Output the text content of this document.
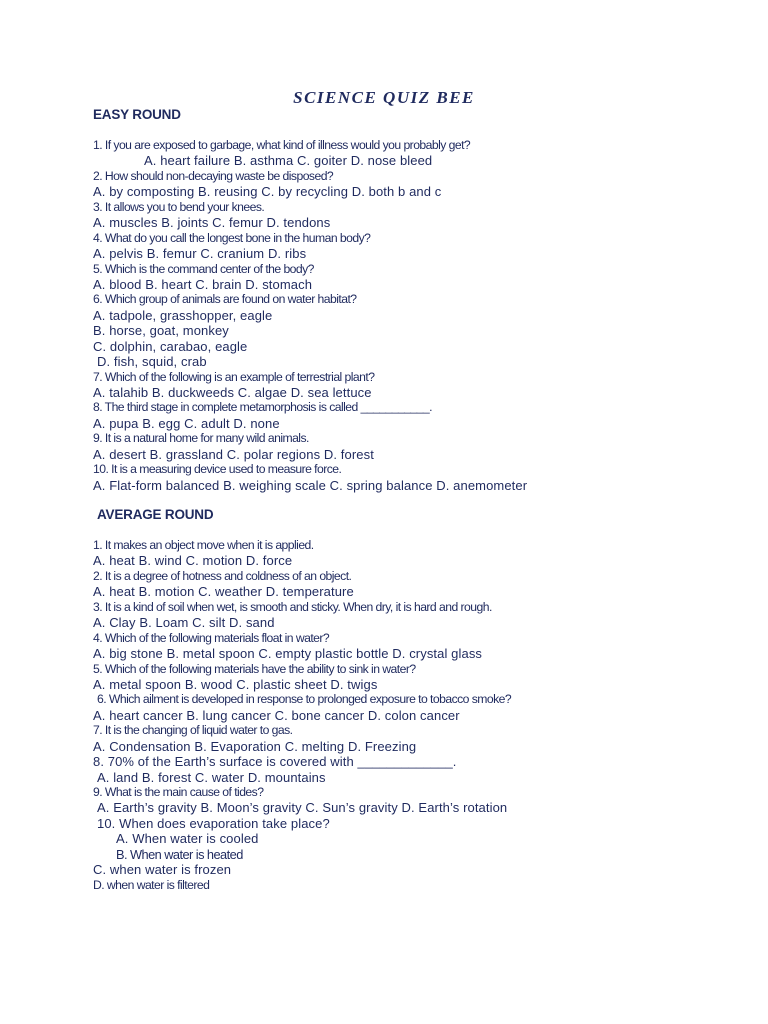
SCIENCE QUIZ BEE
EASY ROUND
1. If you are exposed to garbage, what kind of illness would you probably get?
A. heart failure B. asthma C. goiter D. nose bleed
2. How should non-decaying waste be disposed?
A. by composting B. reusing C. by recycling D. both b and c
3. It allows you to bend your knees.
A. muscles B. joints C. femur D. tendons
4. What do you call the longest bone in the human body?
A. pelvis B. femur C. cranium D. ribs
5. Which is the command center of the body?
A. blood B. heart C. brain D. stomach
6. Which group of animals are found on water habitat?
A. tadpole, grasshopper, eagle
B. horse, goat, monkey
C. dolphin, carabao, eagle
D. fish, squid, crab
7. Which of the following is an example of terrestrial plant?
A. talahib B. duckweeds C. algae D. sea lettuce
8. The third stage in complete metamorphosis is called ___________.
A. pupa B. egg C. adult D. none
9. It is a natural home for many wild animals.
A. desert B. grassland C. polar regions D. forest
10. It is a measuring device used to measure force.
A. Flat-form balanced B. weighing scale C. spring balance D. anemometer
AVERAGE ROUND
1. It makes an object move when it is applied.
A. heat B. wind C. motion D. force
2. It is a degree of hotness and coldness of an object.
A. heat B. motion C. weather D. temperature
3. It is a kind of soil when wet, is smooth and sticky. When dry, it is hard and rough.
A. Clay B. Loam C. silt D. sand
4. Which of the following materials float in water?
A. big stone B. metal spoon C. empty plastic bottle D. crystal glass
5. Which of the following materials have the ability to sink in water?
A. metal spoon B. wood C. plastic sheet D. twigs
6. Which ailment is developed in response to prolonged exposure to tobacco smoke?
A. heart cancer B. lung cancer C. bone cancer D. colon cancer
7. It is the changing of liquid water to gas.
A. Condensation B. Evaporation C. melting D. Freezing
8. 70% of the Earth’s surface is covered with _____________.
A. land B. forest C. water D. mountains
9. What is the main cause of tides?
A. Earth’s gravity B. Moon’s gravity C. Sun’s gravity D. Earth’s rotation
10. When does evaporation take place?
A. When water is cooled
B. When water is heated
C. when water is frozen
D. when water is filtered
